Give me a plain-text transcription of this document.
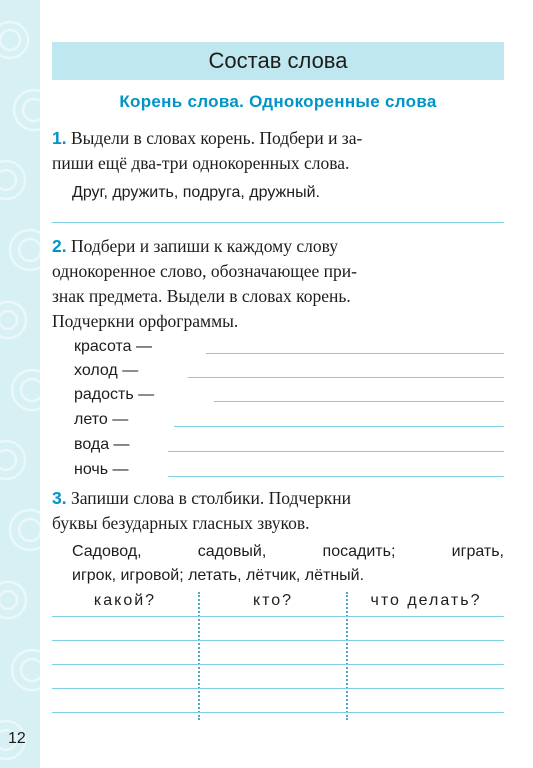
12
Состав слова
Корень слова. Однокоренные слова
1. Выдели в словах корень. Подбери и за-
пиши ещё два-три однокоренных слова.
Друг, дружить, подруга, дружный.
2. Подбери и запиши к каждому слову
однокоренное слово, обозначающее при-
знак предмета. Выдели в словах корень.
Подчеркни орфограммы.
красота —
холод —
радость —
лето —
вода —
ночь —
3. Запиши слова в столбики. Подчеркни
буквы безударных гласных звуков.
Садовод, садовый, посадить; играть,
игрок, игровой; летать, лётчик, лётный.
какой?	кто?	что делать?
